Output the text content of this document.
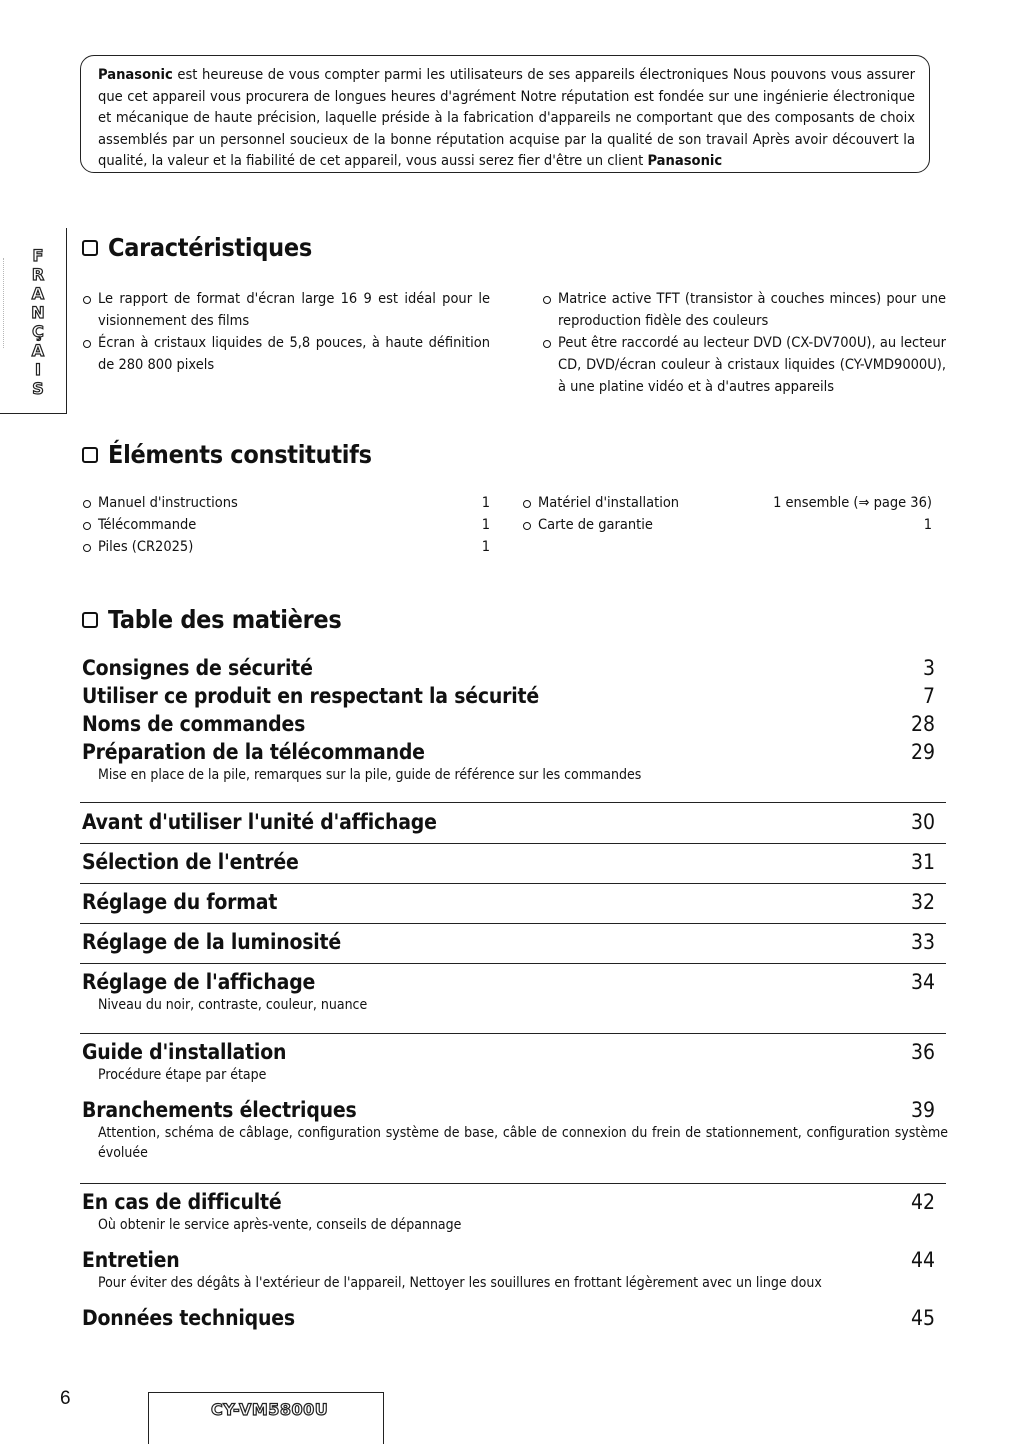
Panasonic est heureuse de vous compter parmi les utilisateurs de ses appareils électroniques Nous pouvons vous assurer que cet appareil vous procurera de longues heures d'agrément Notre réputation est fondée sur une ingénierie électronique et mécanique de haute précision, laquelle préside à la fabrication d'appareils ne comportant que des composants de choix assemblés par un personnel soucieux de la bonne réputation acquise par la qualité de son travail Après avoir découvert la qualité, la valeur et la fiabilité de cet appareil, vous aussi serez fier d'être un client Panasonic
F
R
A
N
Ç
A
I
S
Caractéristiques
Le rapport de format d'écran large 16 9 est idéal pour le visionnement des films
Écran à cristaux liquides de 5,8 pouces, à haute définition de 280 800 pixels
Matrice active TFT (transistor à couches minces) pour une reproduction fidèle des couleurs
Peut être raccordé au lecteur DVD (CX-DV700U), au lecteur CD, DVD/écran couleur à cristaux liquides (CY-VMD9000U), à une platine vidéo et à d'autres appareils
Éléments constitutifs
Manuel d'instructions	1
Télécommande	1
Piles (CR2025)	1
Matériel d'installation	1 ensemble (⇒ page 36)
Carte de garantie	1
Table des matières
Consignes de sécurité	3
Utiliser ce produit en respectant la sécurité	7
Noms de commandes	28
Préparation de la télécommande	29
Mise en place de la pile, remarques sur la pile, guide de référence sur les commandes
Avant d'utiliser l'unité d'affichage	30
Sélection de l'entrée	31
Réglage du format	32
Réglage de la luminosité	33
Réglage de l'affichage	34
Niveau du noir, contraste, couleur, nuance
Guide d'installation	36
Procédure étape par étape
Branchements électriques	39
Attention, schéma de câblage, configuration système de base, câble de connexion du frein de stationnement, configuration système évoluée
En cas de difficulté	42
Où obtenir le service après-vente, conseils de dépannage
Entretien	44
Pour éviter des dégâts à l'extérieur de l'appareil, Nettoyer les souillures en frottant légèrement avec un linge doux
Données techniques	45
6
CY-VM5800U
